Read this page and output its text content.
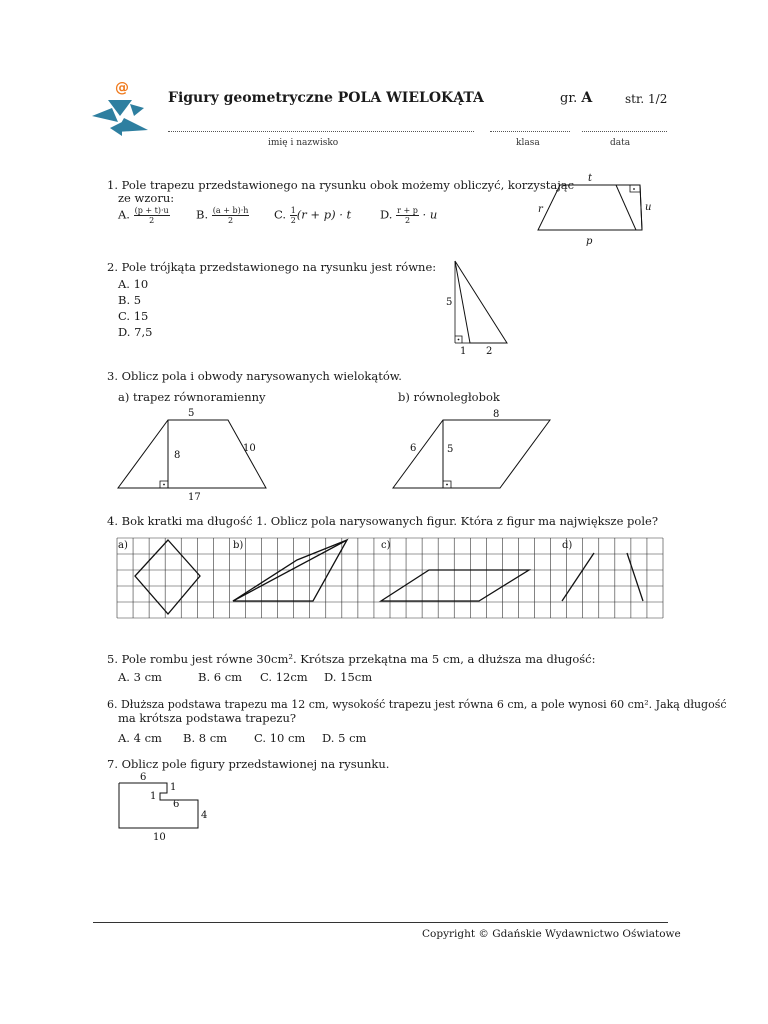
@
Figury geometryczne POLA WIELOKĄTA	gr. A	str. 1/2
imię i nazwisko	klasa	data
1. Pole trapezu przedstawionego na rysunku obok możemy obliczyć, korzystając
ze wzoru:
A. $\frac{(p + t)\cdot u}{2} B$. $\frac{(a + b)\cdot h}{2} C$. $\frac{1}{2} (r + p) \cdot t$	D. $\frac{r + p}{2} \cdot u$
t
r	u
p
2. Pole trójkąta przedstawionego na rysunku jest równe:
A. 10
B. 5
C. 15
D. 7,5
5
1 2
3. Oblicz pola i obwody narysowanych wielokątów.
a) trapez równoramienny	b) równoległobok
5
8
10
17
8
6	5
4. Bok kratki ma długość 1. Oblicz pola narysowanych figur. Która z figur ma największe pole?
a)	b)	c)	d)
5. Pole rombu jest równe 30cm². Krótsza przekątna ma 5 cm, a dłuższa ma długość:
A. 3 cm	B. 6 cm C. 12cm D. 15cm
6. Dłuższa podstawa trapezu ma 12 cm, wysokość trapezu jest równa 6 cm, a pole wynosi 60 cm². Jaką długość
ma krótsza podstawa trapezu?
A. 4 cm B. 8 cm C. 10 cm D. 5 cm
7. Oblicz pole figury przedstawionej na rysunku.
6
1
1
6
4
10
Copyright © Gdańskie Wydawnictwo Oświatowe
